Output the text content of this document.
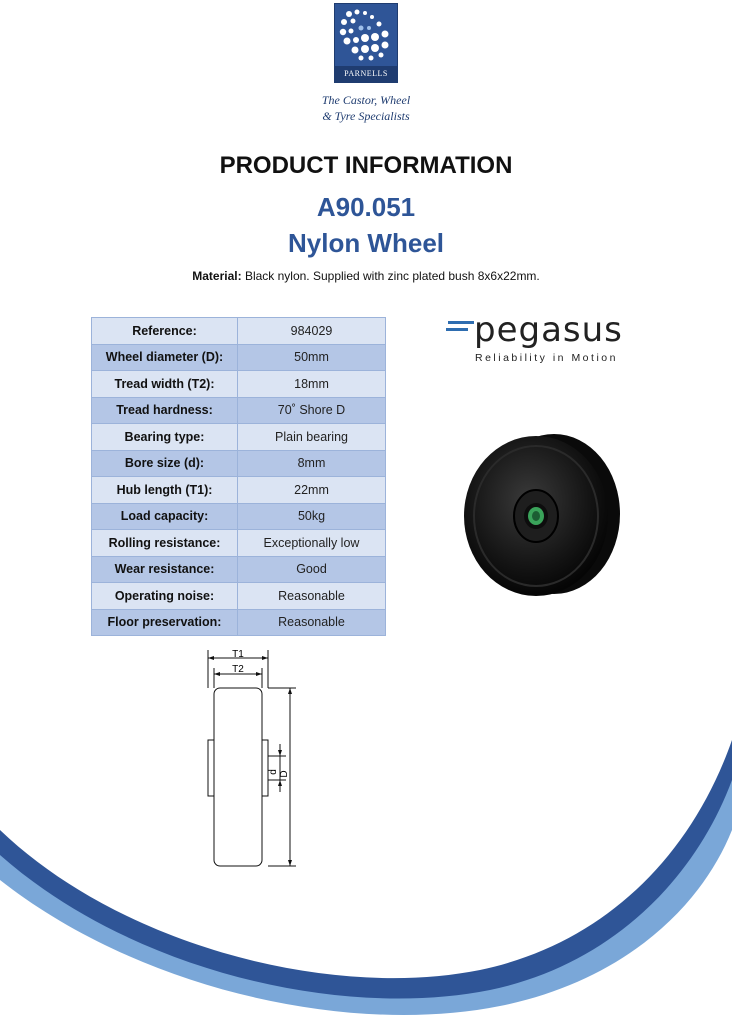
PARNELLS
The Castor, Wheel
& Tyre Specialists
PRODUCT INFORMATION
A90.051
Nylon Wheel
Material: Black nylon. Supplied with zinc plated bush 8x6x22mm.
Reference:	984029
Wheel diameter (D):	50mm
Tread width (T2):	18mm
Tread hardness:	70˚ Shore D
Bearing type:	Plain bearing
Bore size (d):	8mm
Hub length (T1):	22mm
Load capacity:	50kg
Rolling resistance:	Exceptionally low
Wear resistance:	Good
Operating noise:	Reasonable
Floor preservation:	Reasonable
pegasus
Reliability in Motion
T1
T2
d D
